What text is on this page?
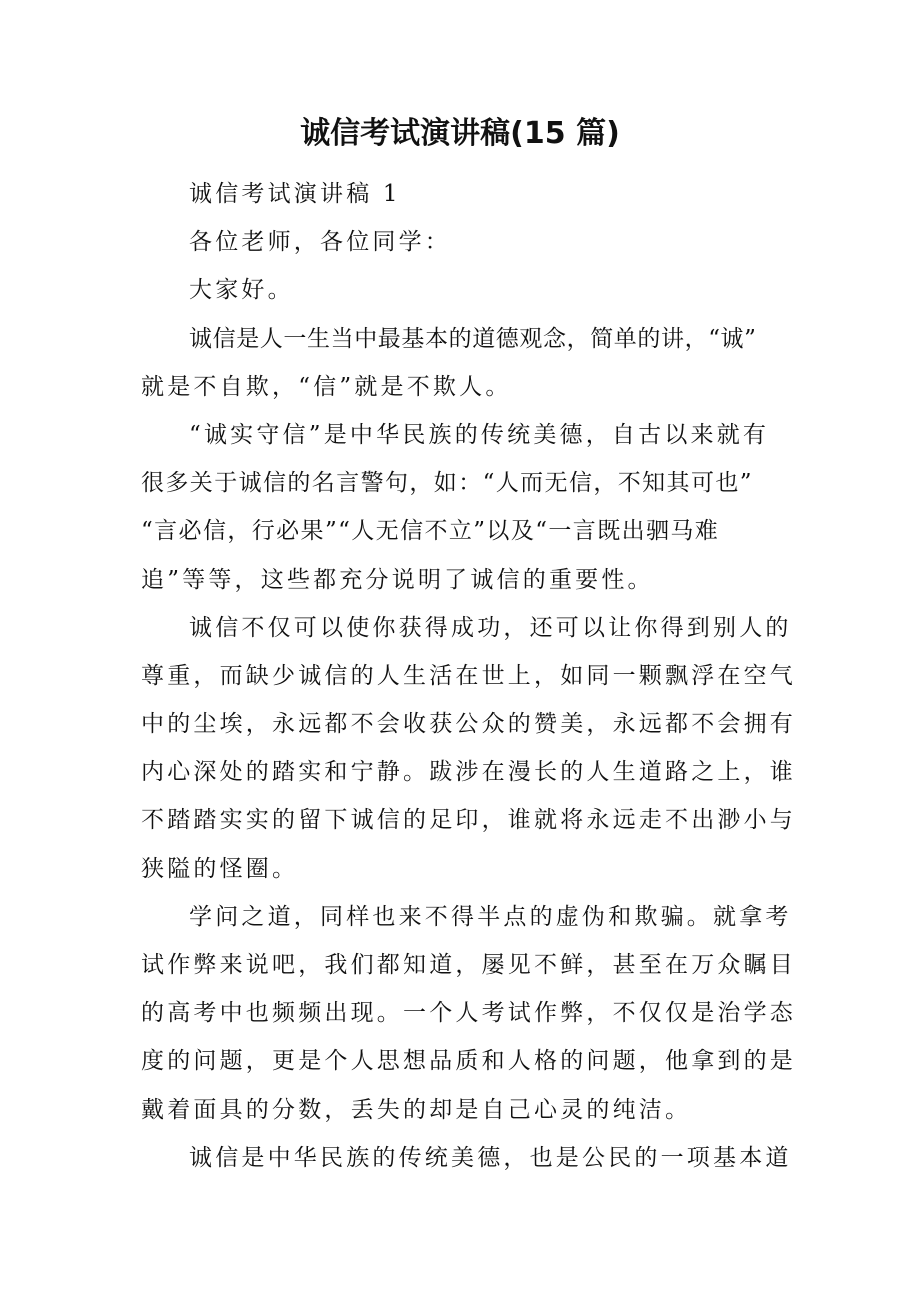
诚信考试演讲稿(15 篇)
诚信考试演讲稿 1
各位老师，各位同学：
大家好。
诚信是人一生当中最基本的道德观念，简单的讲，“诚”
就是不自欺，“信”就是不欺人。
“诚实守信”是中华民族的传统美德，自古以来就有
很多关于诚信的名言警句，如：“人而无信，不知其可也”
“言必信，行必果”“人无信不立”以及“一言既出驷马难
追”等等，这些都充分说明了诚信的重要性。
诚信不仅可以使你获得成功，还可以让你得到别人的
尊重，而缺少诚信的人生活在世上，如同一颗飘浮在空气
中的尘埃，永远都不会收获公众的赞美，永远都不会拥有
内心深处的踏实和宁静。跋涉在漫长的人生道路之上，谁
不踏踏实实的留下诚信的足印，谁就将永远走不出渺小与
狭隘的怪圈。
学问之道，同样也来不得半点的虚伪和欺骗。就拿考
试作弊来说吧，我们都知道，屡见不鲜，甚至在万众瞩目
的高考中也频频出现。一个人考试作弊，不仅仅是治学态
度的问题，更是个人思想品质和人格的问题，他拿到的是
戴着面具的分数，丢失的却是自己心灵的纯洁。
诚信是中华民族的传统美德，也是公民的一项基本道
